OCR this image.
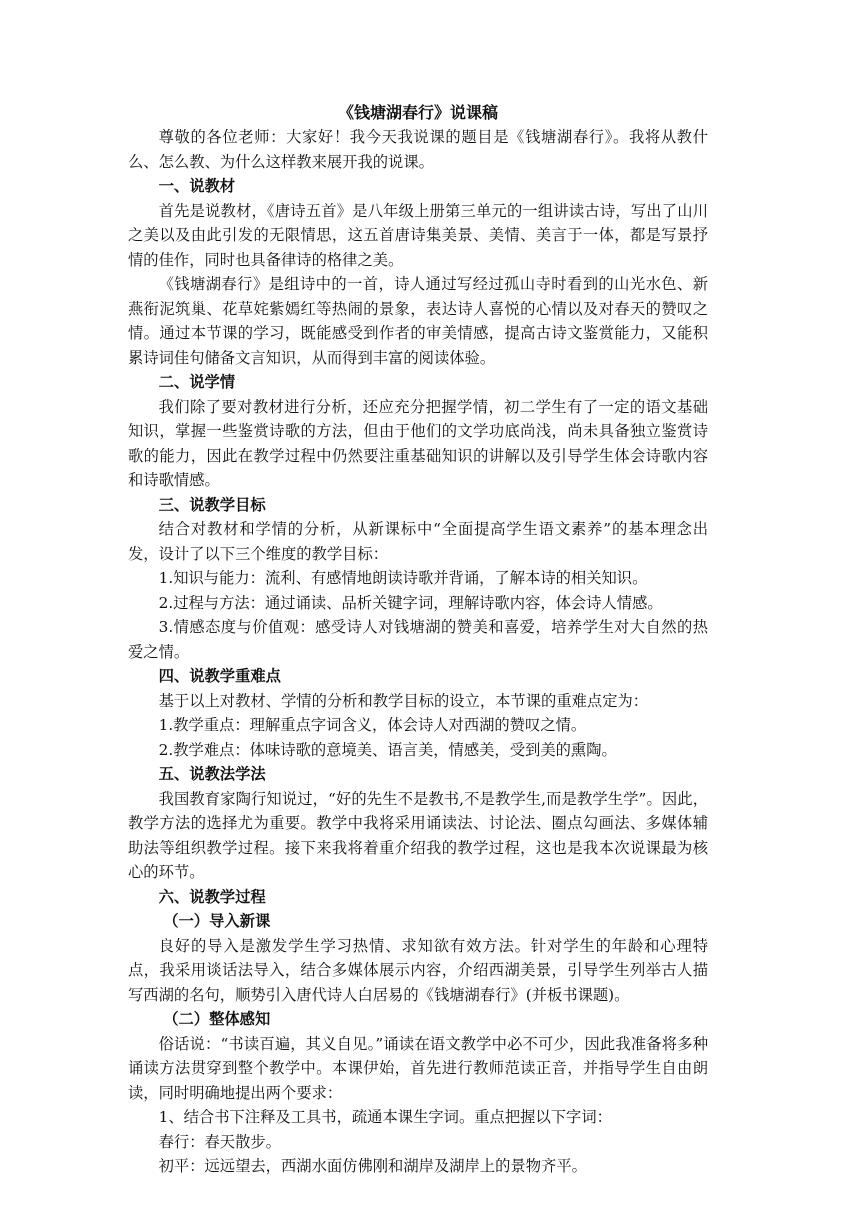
《钱塘湖春行》说课稿

尊敬的各位老师：大家好！我今天我说课的题目是《钱塘湖春行》。我将从教什么、怎么教、为什么这样教来展开我的说课。

一、说教材

首先是说教材，《唐诗五首》是八年级上册第三单元的一组讲读古诗，写出了山川之美以及由此引发的无限情思，这五首唐诗集美景、美情、美言于一体，都是写景抒情的佳作，同时也具备律诗的格律之美。

《钱塘湖春行》是组诗中的一首，诗人通过写经过孤山寺时看到的山光水色、新燕衔泥筑巢、花草姹紫嫣红等热闹的景象，表达诗人喜悦的心情以及对春天的赞叹之情。通过本节课的学习，既能感受到作者的审美情感，提高古诗文鉴赏能力，又能积累诗词佳句储备文言知识，从而得到丰富的阅读体验。

二、说学情

我们除了要对教材进行分析，还应充分把握学情，初二学生有了一定的语文基础知识，掌握一些鉴赏诗歌的方法，但由于他们的文学功底尚浅，尚未具备独立鉴赏诗歌的能力，因此在教学过程中仍然要注重基础知识的讲解以及引导学生体会诗歌内容和诗歌情感。

三、说教学目标

结合对教材和学情的分析，从新课标中“全面提高学生语文素养”的基本理念出发，设计了以下三个维度的教学目标：

1.知识与能力：流利、有感情地朗读诗歌并背诵，了解本诗的相关知识。

2.过程与方法：通过诵读、品析关键字词，理解诗歌内容，体会诗人情感。

3.情感态度与价值观：感受诗人对钱塘湖的赞美和喜爱，培养学生对大自然的热爱之情。

四、说教学重难点

基于以上对教材、学情的分析和教学目标的设立，本节课的重难点定为：

1.教学重点：理解重点字词含义，体会诗人对西湖的赞叹之情。

2.教学难点：体味诗歌的意境美、语言美，情感美，受到美的熏陶。

五、说教法学法

我国教育家陶行知说过，“好的先生不是教书,不是教学生,而是教学生学”。因此，教学方法的选择尤为重要。教学中我将采用诵读法、讨论法、圈点勾画法、多媒体辅助法等组织教学过程。接下来我将着重介绍我的教学过程，这也是我本次说课最为核心的环节。

六、说教学过程

（一）导入新课

良好的导入是激发学生学习热情、求知欲有效方法。针对学生的年龄和心理特点，我采用谈话法导入，结合多媒体展示内容，介绍西湖美景，引导学生列举古人描写西湖的名句，顺势引入唐代诗人白居易的《钱塘湖春行》(并板书课题)。

（二）整体感知

俗话说：“书读百遍，其义自见。”诵读在语文教学中必不可少，因此我准备将多种诵读方法贯穿到整个教学中。本课伊始，首先进行教师范读正音，并指导学生自由朗读，同时明确地提出两个要求：

1、结合书下注释及工具书，疏通本课生字词。重点把握以下字词：

春行：春天散步。

初平：远远望去，西湖水面仿佛刚和湖岸及湖岸上的景物齐平。
